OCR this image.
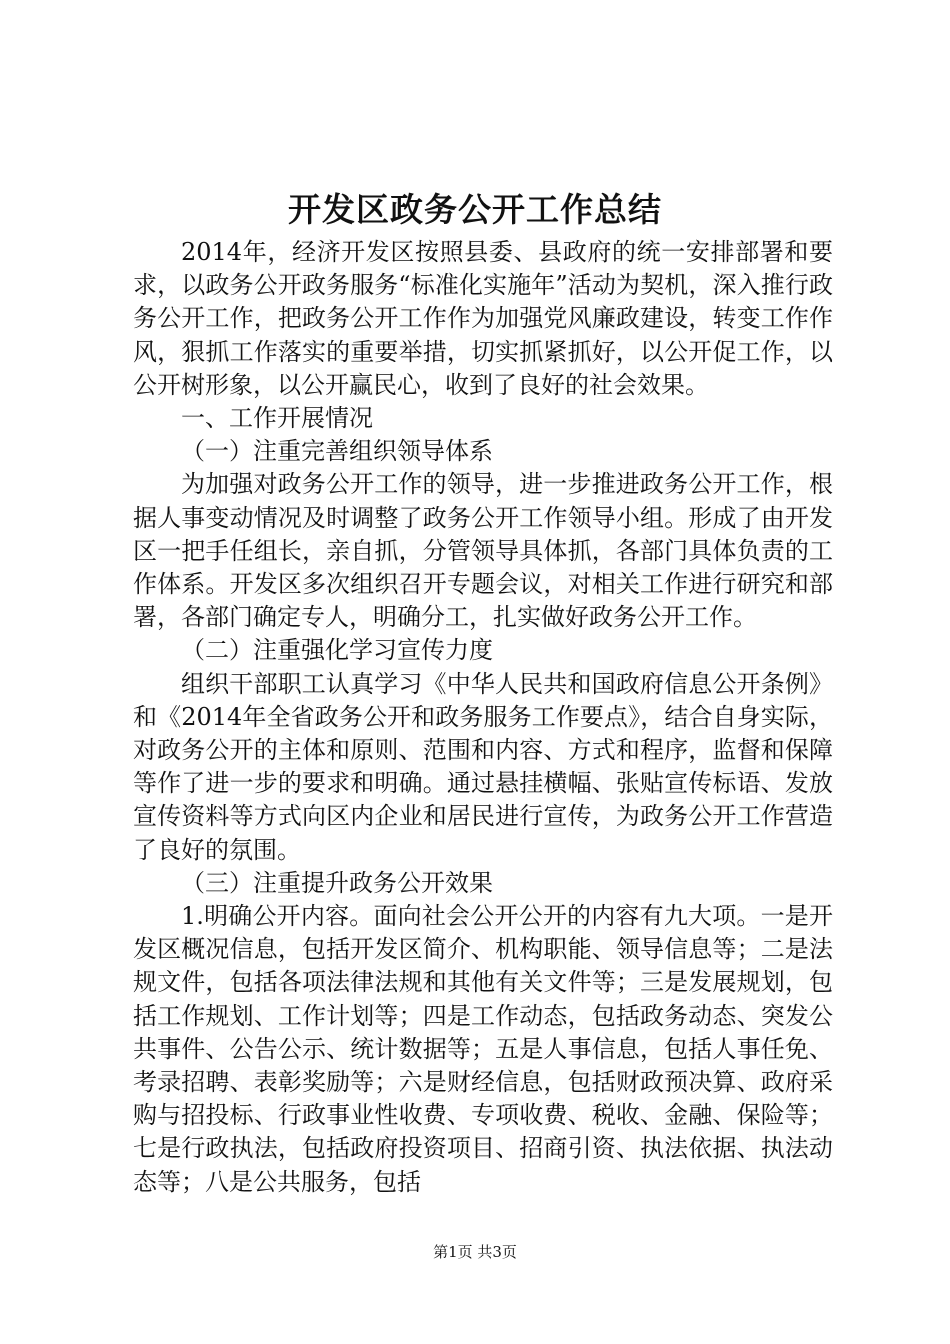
开发区政务公开工作总结

2014年，经济开发区按照县委、县政府的统一安排部署和要求，以政务公开政务服务“标准化实施年”活动为契机，深入推行政务公开工作，把政务公开工作作为加强党风廉政建设，转变工作作风，狠抓工作落实的重要举措，切实抓紧抓好，以公开促工作，以公开树形象，以公开赢民心，收到了良好的社会效果。

一、工作开展情况

（一）注重完善组织领导体系

为加强对政务公开工作的领导，进一步推进政务公开工作，根据人事变动情况及时调整了政务公开工作领导小组。形成了由开发区一把手任组长，亲自抓，分管领导具体抓，各部门具体负责的工作体系。开发区多次组织召开专题会议，对相关工作进行研究和部署，各部门确定专人，明确分工，扎实做好政务公开工作。

（二）注重强化学习宣传力度

组织干部职工认真学习《中华人民共和国政府信息公开条例》和《2014年全省政务公开和政务服务工作要点》，结合自身实际，对政务公开的主体和原则、范围和内容、方式和程序，监督和保障等作了进一步的要求和明确。通过悬挂横幅、张贴宣传标语、发放宣传资料等方式向区内企业和居民进行宣传，为政务公开工作营造了良好的氛围。

（三）注重提升政务公开效果

1.明确公开内容。面向社会公开公开的内容有九大项。一是开发区概况信息，包括开发区简介、机构职能、领导信息等；二是法规文件，包括各项法律法规和其他有关文件等；三是发展规划，包括工作规划、工作计划等；四是工作动态，包括政务动态、突发公共事件、公告公示、统计数据等；五是人事信息，包括人事任免、考录招聘、表彰奖励等；六是财经信息，包括财政预决算、政府采购与招投标、行政事业性收费、专项收费、税收、金融、保险等；七是行政执法，包括政府投资项目、招商引资、执法依据、执法动态等；八是公共服务，包括

第1页 共3页
